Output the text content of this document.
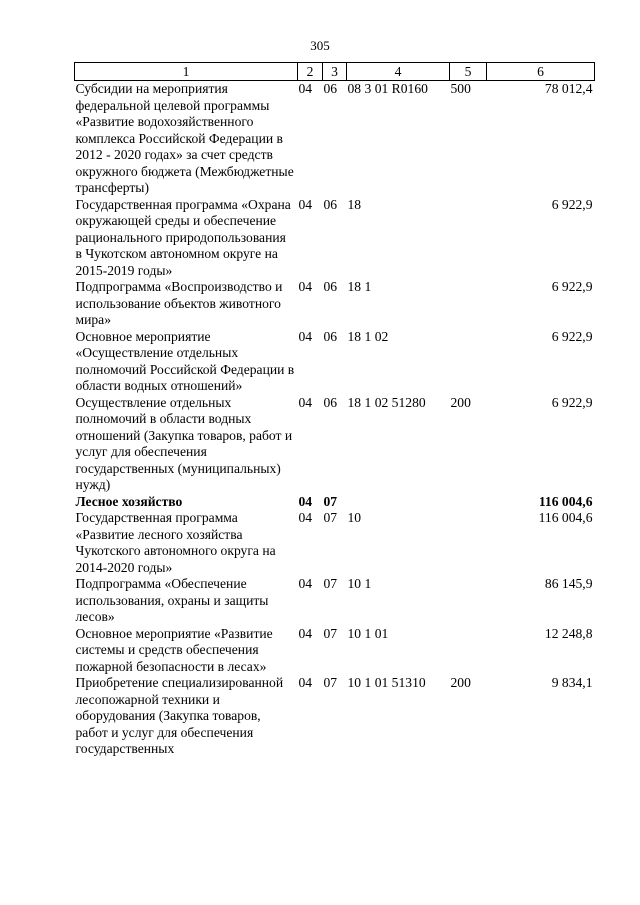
305
1	2	3	4	5	6
Субсидии на мероприятия федеральной целевой программы «Развитие водохозяйственного комплекса Российской Федерации в 2012 - 2020 годах» за счет средств окружного бюджета (Межбюджетные трансферты)	04	06	08 3 01 R0160	500	78 012,4
Государственная программа «Охрана окружающей среды и обеспечение рационального природопользования в Чукотском автономном округе на 2015-2019 годы»	04	06	18		6 922,9
Подпрограмма «Воспроизводство и использование объектов животного мира»	04	06	18 1		6 922,9
Основное мероприятие «Осуществление отдельных полномочий Российской Федерации в области водных отношений»	04	06	18 1 02		6 922,9
Осуществление отдельных полномочий в области водных отношений (Закупка товаров, работ и услуг для обеспечения государственных (муниципальных) нужд)	04	06	18 1 02 51280	200	6 922,9
Лесное хозяйство	04	07			116 004,6
Государственная программа «Развитие лесного хозяйства Чукотского автономного округа на 2014-2020 годы»	04	07	10		116 004,6
Подпрограмма «Обеспечение использования, охраны и защиты лесов»	04	07	10 1		86 145,9
Основное мероприятие «Развитие системы и средств обеспечения пожарной безопасности в лесах»	04	07	10 1 01		12 248,8
Приобретение специализированной лесопожарной техники и оборудования (Закупка товаров, работ и услуг для обеспечения государственных	04	07	10 1 01 51310	200	9 834,1
